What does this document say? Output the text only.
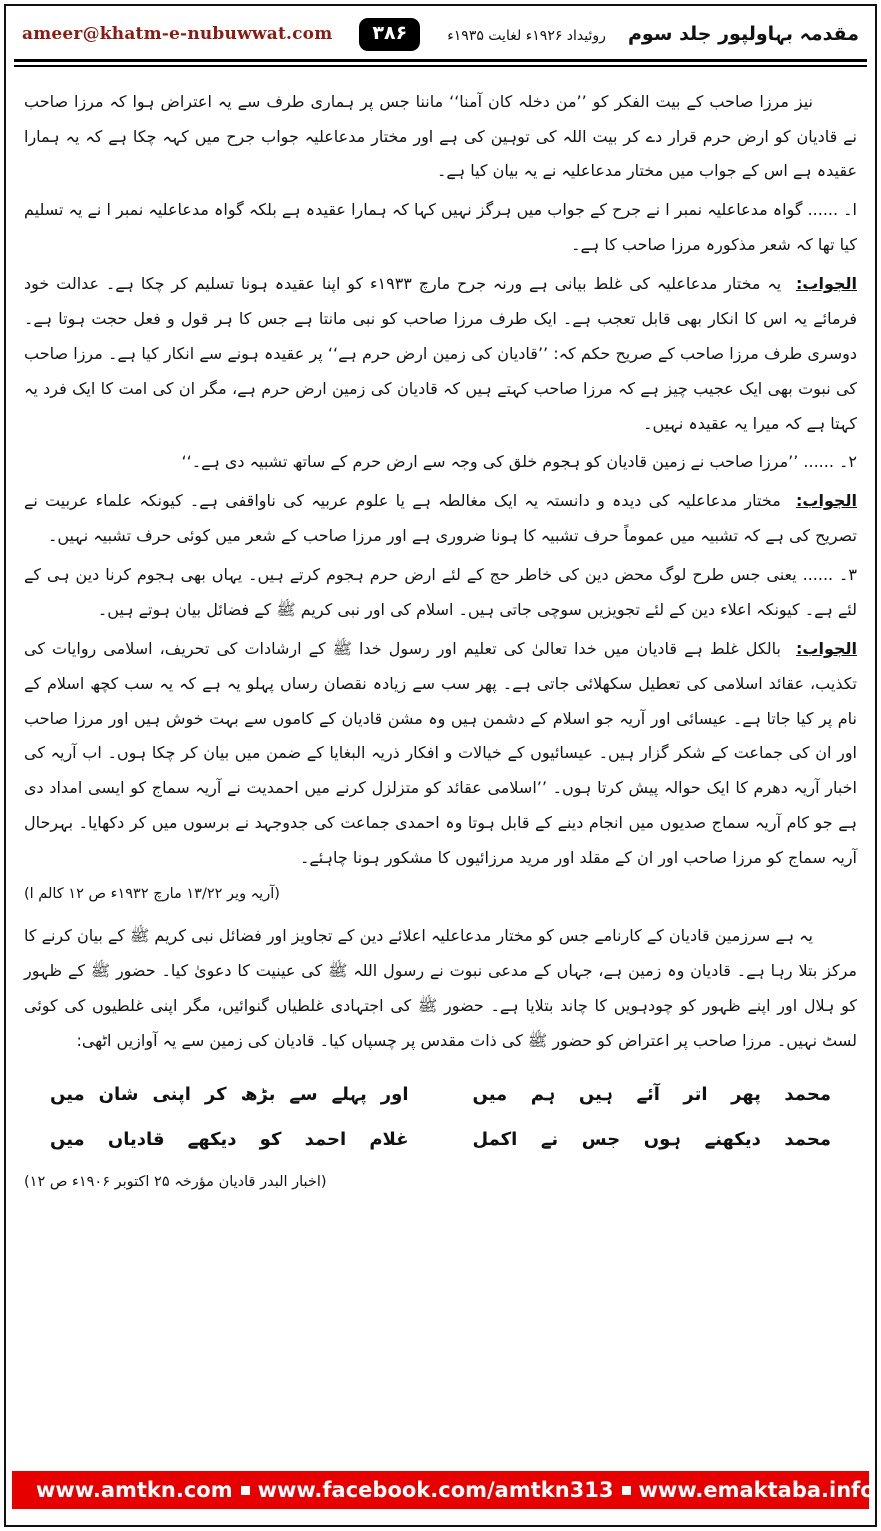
ameer@khatm-e-nubuwwat.com	۳۸۶	مقدمہ بہاولپور جلد سوم
روئیداد ۱۹۲۶ء لغایت ۱۹۳۵ء

نیز مرزا صاحب کے بیت الفکر کو ’’من دخلہ کان آمنا‘‘ ماننا جس پر ہماری طرف سے یہ اعتراض ہوا کہ مرزا صاحب نے قادیان کو ارض حرم قرار دے کر بیت اللہ کی توہین کی ہے اور مختار مدعاعلیہ جواب جرح میں کہہ چکا ہے کہ یہ ہمارا عقیدہ ہے اس کے جواب میں مختار مدعاعلیہ نے یہ بیان کیا ہے۔

ا۔ ...... گواہ مدعاعلیہ نمبر ا نے جرح کے جواب میں ہرگز نہیں کہا کہ ہمارا عقیدہ ہے بلکہ گواہ مدعاعلیہ نمبر ا نے یہ تسلیم کیا تھا کہ شعر مذکورہ مرزا صاحب کا ہے۔

الجواب: یہ مختار مدعاعلیہ کی غلط بیانی ہے ورنہ جرح مارچ ۱۹۳۳ء کو اپنا عقیدہ ہونا تسلیم کر چکا ہے۔ عدالت خود فرمائے یہ اس کا انکار بھی قابل تعجب ہے۔ ایک طرف مرزا صاحب کو نبی مانتا ہے جس کا ہر قول و فعل حجت ہوتا ہے۔ دوسری طرف مرزا صاحب کے صریح حکم کہ: ’’قادیان کی زمین ارض حرم ہے‘‘ پر عقیدہ ہونے سے انکار کیا ہے۔ مرزا صاحب کی نبوت بھی ایک عجیب چیز ہے کہ مرزا صاحب کہتے ہیں کہ قادیان کی زمین ارض حرم ہے، مگر ان کی امت کا ایک فرد یہ کہتا ہے کہ میرا یہ عقیدہ نہیں۔

۲۔ ...... ’’مرزا صاحب نے زمین قادیان کو ہجوم خلق کی وجہ سے ارض حرم کے ساتھ تشبیہ دی ہے۔‘‘

الجواب: مختار مدعاعلیہ کی دیدہ و دانستہ یہ ایک مغالطہ ہے یا علوم عربیہ کی ناواقفی ہے۔ کیونکہ علماء عربیت نے تصریح کی ہے کہ تشبیہ میں عموماً حرف تشبیہ کا ہونا ضروری ہے اور مرزا صاحب کے شعر میں کوئی حرف تشبیہ نہیں۔

۳۔ ...... یعنی جس طرح لوگ محض دین کی خاطر حج کے لئے ارض حرم ہجوم کرتے ہیں۔ یہاں بھی ہجوم کرنا دین ہی کے لئے ہے۔ کیونکہ اعلاء دین کے لئے تجویزیں سوچی جاتی ہیں۔ اسلام کی اور نبی کریم ﷺ کے فضائل بیان ہوتے ہیں۔

الجواب: بالکل غلط ہے قادیان میں خدا تعالیٰ کی تعلیم اور رسول خدا ﷺ کے ارشادات کی تحریف، اسلامی روایات کی تکذیب، عقائد اسلامی کی تعطیل سکھلائی جاتی ہے۔ پھر سب سے زیادہ نقصان رساں پہلو یہ ہے کہ یہ سب کچھ اسلام کے نام پر کیا جاتا ہے۔ عیسائی اور آریہ جو اسلام کے دشمن ہیں وہ مشن قادیان کے کاموں سے بہت خوش ہیں اور مرزا صاحب اور ان کی جماعت کے شکر گزار ہیں۔ عیسائیوں کے خیالات و افکار ذریہ البغایا کے ضمن میں بیان کر چکا ہوں۔ اب آریہ کی اخبار آریہ دھرم کا ایک حوالہ پیش کرتا ہوں۔ ’’اسلامی عقائد کو متزلزل کرنے میں احمدیت نے آریہ سماج کو ایسی امداد دی ہے جو کام آریہ سماج صدیوں میں انجام دینے کے قابل ہوتا وہ احمدی جماعت کی جدوجہد نے برسوں میں کر دکھایا۔ بہرحال آریہ سماج کو مرزا صاحب اور ان کے مقلد اور مرید مرزائیوں کا مشکور ہونا چاہئے۔

(آریہ ویر ۱۳/۲۲ مارچ ۱۹۳۲ء ص ۱۲ کالم ا)

یہ ہے سرزمین قادیان کے کارنامے جس کو مختار مدعاعلیہ اعلائے دین کے تجاویز اور فضائل نبی کریم ﷺ کے بیان کرنے کا مرکز بتلا رہا ہے۔ قادیان وہ زمین ہے، جہاں کے مدعی نبوت نے رسول اللہ ﷺ کی عینیت کا دعویٰ کیا۔ حضور ﷺ کے ظہور کو ہلال اور اپنے ظہور کو چودہویں کا چاند بتلایا ہے۔ حضور ﷺ کی اجتہادی غلطیاں گنوائیں، مگر اپنی غلطیوں کی کوئی لسٹ نہیں۔ مرزا صاحب پر اعتراض کو حضور ﷺ کی ذات مقدس پر چسپاں کیا۔ قادیان کی زمین سے یہ آوازیں اٹھی:

محمد پھر اتر آئے ہیں ہم میں
اور پہلے سے بڑھ کر اپنی شان میں
محمد دیکھنے ہوں جس نے اکمل
غلام احمد کو دیکھے قادیاں میں

(اخبار البدر قادیان مؤرخہ ۲۵ اکتوبر ۱۹۰۶ء ص ۱۲)

www.amtkn.com www.facebook.com/amtkn313 www.emaktaba.info
